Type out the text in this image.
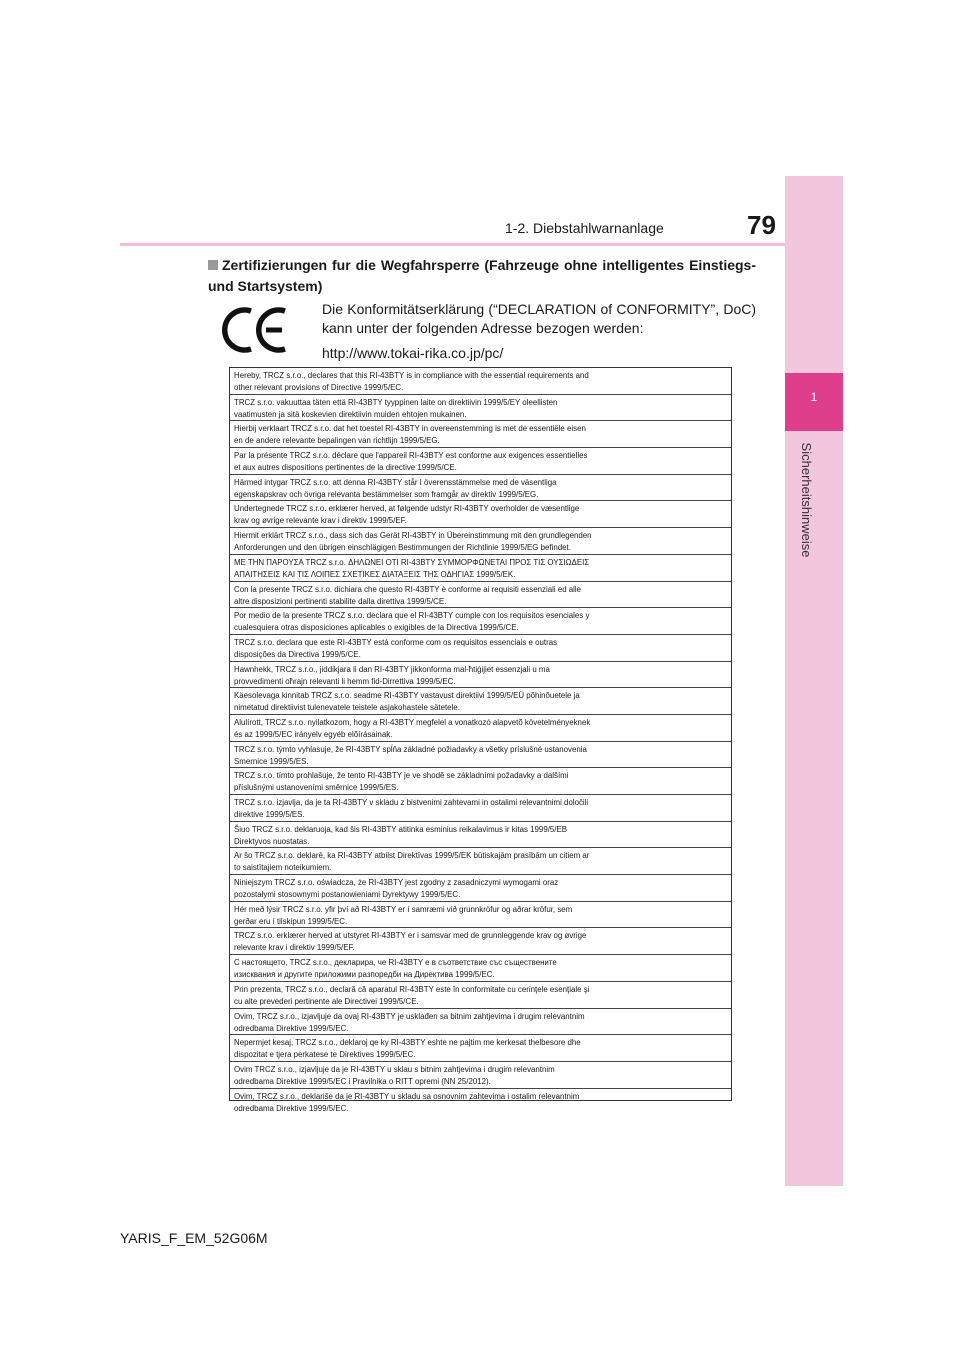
1
Sicherheitshinweise
1-2. Diebstahlwarnanlage	79
Zertifizierungen fur die Wegfahrsperre (Fahrzeuge ohne intelligentes Einstiegs- und Startsystem)

Die Konformitätserklärung (“DECLARATION of CONFORMITY”, DoC) kann unter der folgenden Adresse bezogen werden:

http://www.tokai-rika.co.jp/pc/

Hereby, TRCZ s.r.o., declares that this RI-43BTY is in compliance with the essential requirements and
other relevant provisions of Directive 1999/5/EC.
TRCZ s.r.o. vakuuttaa täten että RI-43BTY tyyppinen laite on direktiivin 1999/5/EY oleellisten
vaatimusten ja sitä koskevien direktiivin muiden ehtojen mukainen.
Hierbij verklaart TRCZ s.r.o. dat het toestel RI-43BTY in overeenstemming is met de essentiële eisen
en de andere relevante bepalingen van richtlijn 1999/5/EG.
Par la présente TRCZ s.r.o. déclare que l'appareil RI-43BTY est conforme aux exigences essentielles
et aux autres dispositions pertinentes de la directive 1999/5/CE.
Härmed intygar TRCZ s.r.o. att denna RI-43BTY står I överensstämmelse med de väsentliga
egenskapskrav och övriga relevanta bestämmelser som framgår av direktiv 1999/5/EG.
Undertegnede TRCZ s.r.o. erklærer herved, at følgende udstyr RI-43BTY overholder de væsentlige
krav og øvrige relevante krav i direktiv 1999/5/EF.
Hiermit erklärt TRCZ s.r.o., dass sich das Gerät RI-43BTY in Übereinstimmung mit den grundlegenden
Anforderungen und den übrigen einschlägigen Bestimmungen der Richtlinie 1999/5/EG befindet.
ΜΕ ΤΗΝ ΠΑΡΟΥΣΑ TRCZ s.r.o. ΔΗΛΩΝΕΙ ΟΤΙ RI-43BTY ΣΥΜΜΟΡΦΩΝΕΤΑΙ ΠΡΟΣ ΤΙΣ ΟΥΣΙΩΔΕΙΣ
ΑΠΑΙΤΗΣΕΙΣ ΚΑΙ ΤΙΣ ΛΟΙΠΕΣ ΣΧΕΤΙΚΕΣ ΔΙΑΤΑΞΕΙΣ ΤΗΣ ΟΔΗΓΙΑΣ 1999/5/ΕΚ.
Con la presente TRCZ s.r.o. dichiara che questo RI-43BTY è conforme ai requisiti essenziali ed alle
altre disposizioni pertinenti stabilite dalla direttiva 1999/5/CE.
Por medio de la presente TRCZ s.r.o. declara que el RI-43BTY cumple con los requisitos esenciales y
cualesquiera otras disposiciones aplicables o exigibles de la Directiva 1999/5/CE.
TRCZ s.r.o. declara que este RI-43BTY está conforme com os requisitos essenciais e outras
disposições da Directiva 1999/5/CE.
Hawnhekk, TRCZ s.r.o., jiddikjara li dan RI-43BTY jikkonforma mal-ħtiġijiet essenzjali u ma
provvedimenti oħrajn relevanti li hemm fid-Dirrettiva 1999/5/EC.
Käesolevaga kinnitab TRCZ s.r.o. seadme RI-43BTY vastavust direktiivi 1999/5/EÜ põhinõuetele ja
nimetatud direktiivist tulenevatele teistele asjakohastele sätetele.
Alulírott, TRCZ s.r.o. nyilatkozom, hogy a RI-43BTY megfelel a vonatkozó alapvetõ követelményeknek
és az 1999/5/EC irányelv egyéb elõírásainak.
TRCZ s.r.o. týmto vyhlasuje, že RI-43BTY spĺňa základné požiadavky a všetky príslušné ustanovenia
Smernice 1999/5/ES.
TRCZ s.r.o. tímto prohlašuje, že tento RI-43BTY je ve shodě se základními požadavky a dalšími
příslušnými ustanoveními směrnice 1999/5/ES.
TRCZ s.r.o. izjavlja, da je ta RI-43BTY v skladu z bistvenimi zahtevami in ostalimi relevantnimi določili
direktive 1999/5/ES.
Šiuo TRCZ s.r.o. deklaruoja, kad šis RI-43BTY atitinka esminius reikalavimus ir kitas 1999/5/EB
Direktyvos nuostatas.
Ar šo TRCZ s.r.o. deklarē, ka RI-43BTY atbilst Direktīvas 1999/5/EK būtiskajām prasībām un citiem ar
to saistītajiem noteikumiem.
Niniejszym TRCZ s.r.o. oświadcza, że RI-43BTY jest zgodny z zasadniczymi wymogami oraz
pozostałymi stosownymi postanowieniami Dyrektywy 1999/5/EC.
Hér með lýsir TRCZ s.r.o. yfir því að RI-43BTY er í samræmi við grunnkröfur og aðrar kröfur, sem
gerðar eru í tilskipun 1999/5/EC.
TRCZ s.r.o. erklærer herved at utstyret RI-43BTY er i samsvar med de grunnleggende krav og øvrige
relevante krav i direktiv 1999/5/EF.
С настоящето, TRCZ s.r.o., декларира, че RI-43BTY е в съответствие със съществените
изисквания и другите приложими разпоредби на Директива 1999/5/ЕС.
Prin prezenta, TRCZ s.r.o., declară că aparatul RI-43BTY este în conformitate cu cerinţele esenţiale şi
cu alte prevederi pertinente ale Directivei 1999/5/CE.
Ovim, TRCZ s.r.o., izjavljuje da ovaj RI-43BTY je usklađen sa bitnim zahtjevima i drugim relevantnim
odredbama Direktive 1999/5/EC.
Nepermjet kesaj, TRCZ s.r.o., deklaroj qe ky RI-43BTY eshte ne pajtim me kerkesat thelbesore dhe
dispozitat e tjera perkatese te Direktives 1999/5/EC.
Ovim TRCZ s.r.o., izjavljuje da je RI-43BTY u sklau s bitnim zahtjevima i drugim relevantnim
odredbama Direktive 1999/5/EC i Pravilnika o RITT opremi (NN 25/2012).
Ovim, TRCZ s.r.o., deklariše da je RI-43BTY u skladu sa osnovnim zahtevima i ostalim relevantnim
odredbama Direktive 1999/5/EC.
YARIS_F_EM_52G06M
